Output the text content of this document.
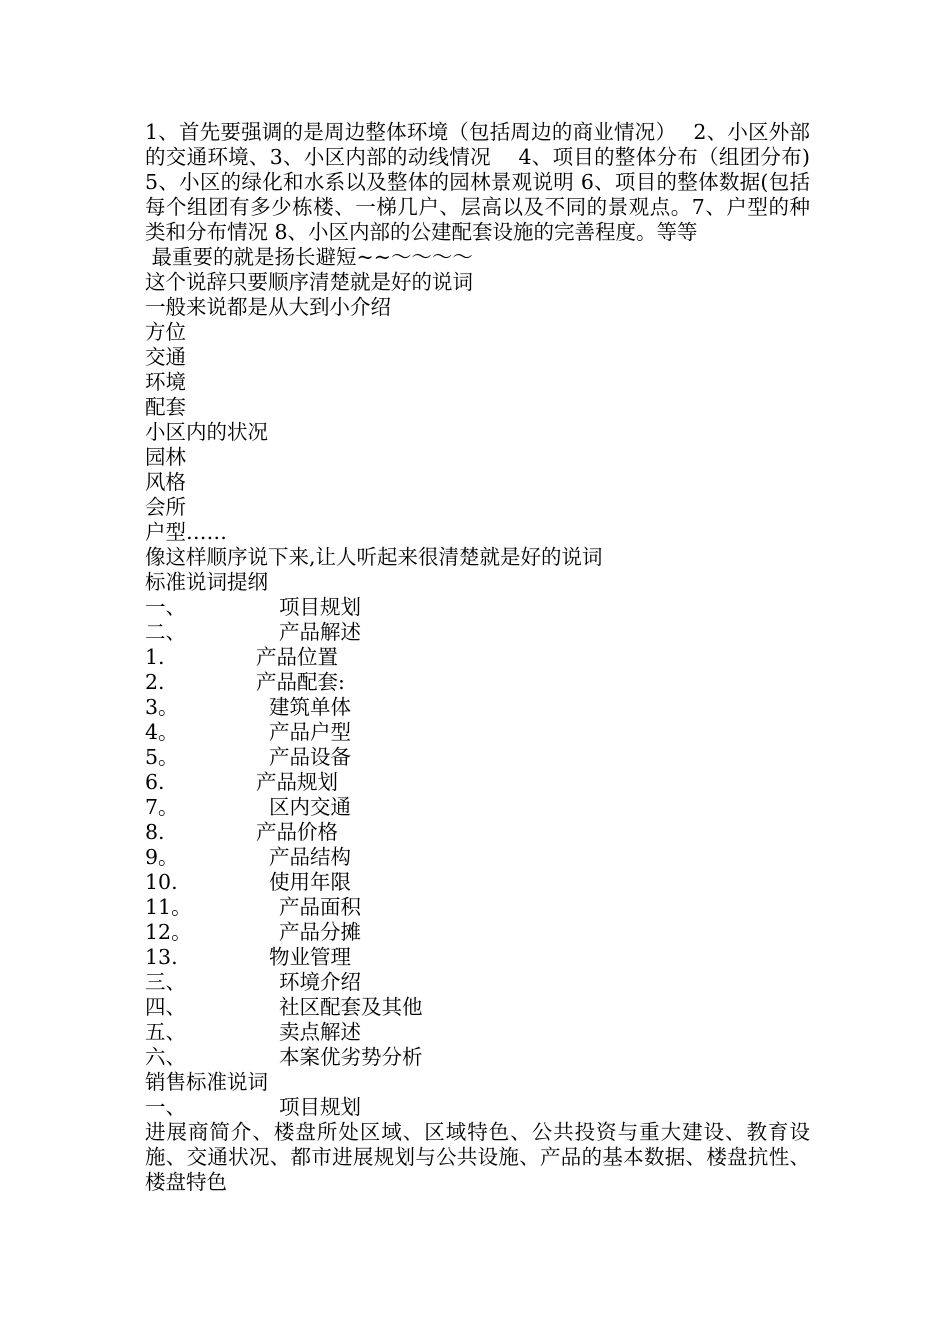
1、首先要强调的是周边整体环境（包括周边的商业情况）　 2、小区外部的交通环境、3、小区内部的动线情况　 4、项目的整体分布（组团分布)5、小区的绿化和水系以及整体的园林景观说明 6、项目的整体数据(包括每个组团有多少栋楼、一梯几户、层高以及不同的景观点。7、户型的种类和分布情况 8、小区内部的公建配套设施的完善程度。等等

最重要的就是扬长避短~~～～～～

这个说辞只要顺序清楚就是好的说词

一般来说都是从大到小介绍

方位

交通

环境

配套

小区内的状况

园林

风格

会所

户型……

像这样顺序说下来,让人听起来很清楚就是好的说词

标准说词提纲

一、	项目规划
二、	产品解述
1.	产品位置
2.	产品配套:
3。	建筑单体
4。	产品户型
5。	产品设备
6.	产品规划
7。	区内交通
8.	产品价格
9。	产品结构
10.	使用年限
11。	产品面积
12。	产品分摊
13.	物业管理
三、	环境介绍
四、	社区配套及其他
五、	卖点解述
六、	本案优劣势分析

销售标准说词

一、	项目规划

进展商简介、楼盘所处区域、区域特色、公共投资与重大建设、教育设施、交通状况、都市进展规划与公共设施、产品的基本数据、楼盘抗性、楼盘特色
